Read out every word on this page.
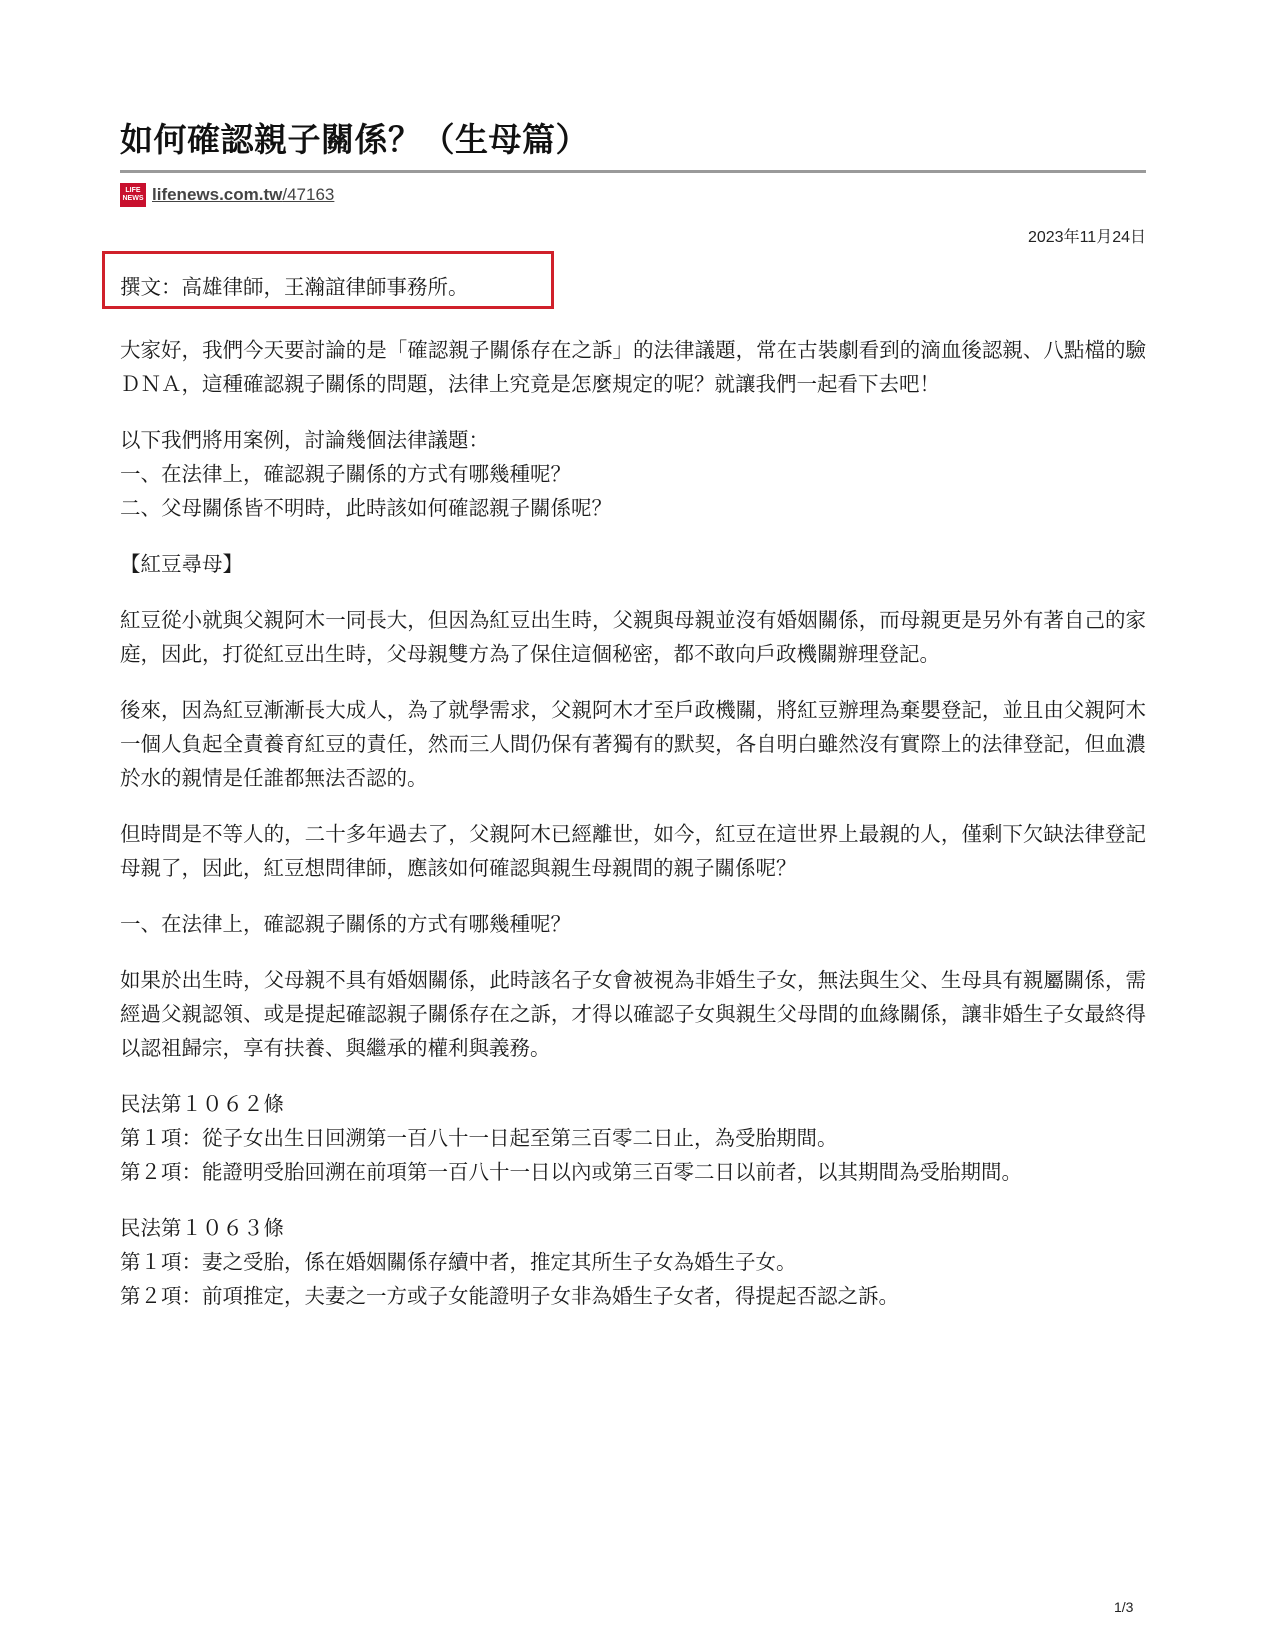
如何確認親子關係？（生母篇）
LIFE
NEWS lifenews.com.tw/47163
2023年11月24日
撰文：高雄律師，王瀚誼律師事務所。

大家好，我們今天要討論的是「確認親子關係存在之訴」的法律議題，常在古裝劇看到的滴血後認親、八點檔的驗ＤＮＡ，這種確認親子關係的問題，法律上究竟是怎麼規定的呢？就讓我們一起看下去吧！

以下我們將用案例，討論幾個法律議題：
一、在法律上，確認親子關係的方式有哪幾種呢？
二、父母關係皆不明時，此時該如何確認親子關係呢？

【紅豆尋母】

紅豆從小就與父親阿木一同長大，但因為紅豆出生時，父親與母親並沒有婚姻關係，而母親更是另外有著自己的家庭，因此，打從紅豆出生時，父母親雙方為了保住這個秘密，都不敢向戶政機關辦理登記。

後來，因為紅豆漸漸長大成人，為了就學需求，父親阿木才至戶政機關，將紅豆辦理為棄嬰登記，並且由父親阿木一個人負起全責養育紅豆的責任，然而三人間仍保有著獨有的默契，各自明白雖然沒有實際上的法律登記，但血濃於水的親情是任誰都無法否認的。

但時間是不等人的，二十多年過去了，父親阿木已經離世，如今，紅豆在這世界上最親的人，僅剩下欠缺法律登記母親了，因此，紅豆想問律師，應該如何確認與親生母親間的親子關係呢？

一、在法律上，確認親子關係的方式有哪幾種呢？

如果於出生時，父母親不具有婚姻關係，此時該名子女會被視為非婚生子女，無法與生父、生母具有親屬關係，需經過父親認領、或是提起確認親子關係存在之訴，才得以確認子女與親生父母間的血緣關係，讓非婚生子女最終得以認祖歸宗，享有扶養、與繼承的權利與義務。

民法第１０６２條
第１項：從子女出生日回溯第一百八十一日起至第三百零二日止，為受胎期間。
第２項：能證明受胎回溯在前項第一百八十一日以內或第三百零二日以前者，以其期間為受胎期間。

民法第１０６３條
第１項：妻之受胎，係在婚姻關係存續中者，推定其所生子女為婚生子女。
第２項：前項推定，夫妻之一方或子女能證明子女非為婚生子女者，得提起否認之訴。

1/3
